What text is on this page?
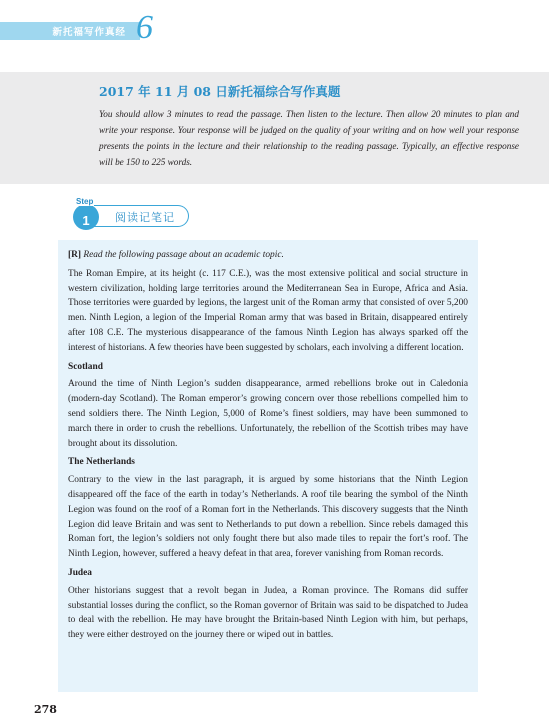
新托福写作真经 6
2017 年 11 月 08 日新托福综合写作真题
You should allow 3 minutes to read the passage. Then listen to the lecture. Then allow 20 minutes to plan and write your response. Your response will be judged on the quality of your writing and on how well your response presents the points in the lecture and their relationship to the reading passage. Typically, an effective response will be 150 to 225 words.
1
Step
阅读记笔记

[R] Read the following passage about an academic topic.

The Roman Empire, at its height (c. 117 C.E.), was the most extensive political and social structure in western civilization, holding large territories around the Mediterranean Sea in Europe, Africa and Asia. Those territories were guarded by legions, the largest unit of the Roman army that consisted of over 5,200 men. Ninth Legion, a legion of the Imperial Roman army that was based in Britain, disappeared entirely after 108 C.E. The mysterious disappearance of the famous Ninth Legion has always sparked off the interest of historians. A few theories have been suggested by scholars, each involving a different location.

Scotland

Around the time of Ninth Legion’s sudden disappearance, armed rebellions broke out in Caledonia (modern-day Scotland). The Roman emperor’s growing concern over those rebellions compelled him to send soldiers there. The Ninth Legion, 5,000 of Rome’s finest soldiers, may have been summoned to march there in order to crush the rebellions. Unfortunately, the rebellion of the Scottish tribes may have brought about its dissolution.

The Netherlands

Contrary to the view in the last paragraph, it is argued by some historians that the Ninth Legion disappeared off the face of the earth in today’s Netherlands. A roof tile bearing the symbol of the Ninth Legion was found on the roof of a Roman fort in the Netherlands. This discovery suggests that the Ninth Legion did leave Britain and was sent to Netherlands to put down a rebellion. Since rebels damaged this Roman fort, the legion’s soldiers not only fought there but also made tiles to repair the fort’s roof. The Ninth Legion, however, suffered a heavy defeat in that area, forever vanishing from Roman records.

Judea

Other historians suggest that a revolt began in Judea, a Roman province. The Romans did suffer substantial losses during the conflict, so the Roman governor of Britain was said to be dispatched to Judea to deal with the rebellion. He may have brought the Britain-based Ninth Legion with him, but perhaps, they were either destroyed on the journey there or wiped out in battles.

278
